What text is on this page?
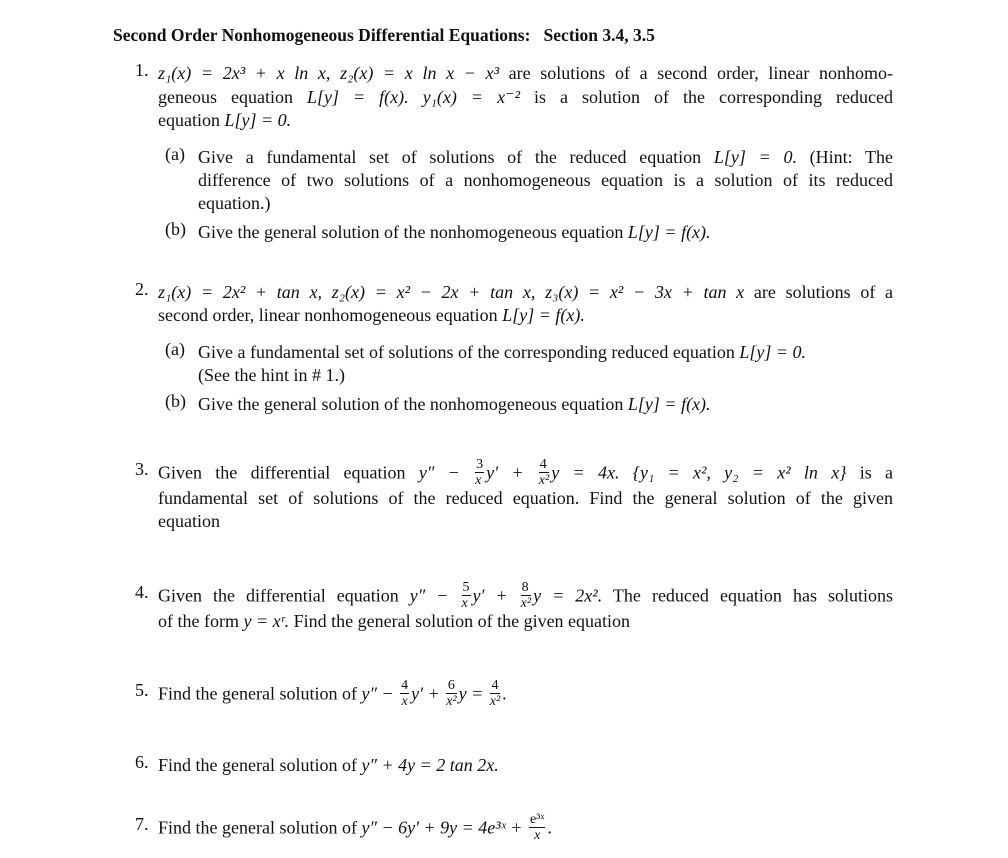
Second Order Nonhomogeneous Differential Equations:   Section 3.4, 3.5
1. z₁(x) = 2x³ + x ln x, z₂(x) = x ln x − x³ are solutions of a second order, linear nonhomo-
geneous equation L[y] = f(x). y₁(x) = x⁻² is a solution of the corresponding reduced
equation L[y] = 0.
(a) Give a fundamental set of solutions of the reduced equation L[y] = 0. (Hint: The
difference of two solutions of a nonhomogeneous equation is a solution of its reduced
equation.)
(b) Give the general solution of the nonhomogeneous equation L[y] = f(x).
2. z₁(x) = 2x² + tan x, z₂(x) = x² − 2x + tan x, z₃(x) = x² − 3x + tan x are solutions of a
second order, linear nonhomogeneous equation L[y] = f(x).
(a) Give a fundamental set of solutions of the corresponding reduced equation L[y] = 0.
(See the hint in # 1.)
(b) Give the general solution of the nonhomogeneous equation L[y] = f(x).
3. Given the differential equation $y'' - \frac{3}{x} y' + \frac{4}{\text{x²}}$ y = 4x. {y₁ = x², y₂ = x² ln x} is a
fundamental set of solutions of the reduced equation. Find the general solution of the given
equation
4. Given the differential equation $y'' - \frac{5}{x} y' + \frac{8}{\text{x²}}$ y = 2x². The reduced equation has solutions
of the form y = xʳ. Find the general solution of the given equation
5. Find the general solution of $y'' - \frac{4}{x} y' + \frac{6}{\text{x²}}$ $y = \frac{4}{\text{x²}}$ .
6. Find the general solution of y″ + 4y = 2 tan 2x.
7. Find the general solution of y″ − 6y′ + 9y = 4e³ˣ + $\frac{\text{e³ˣ}}{x}$ .
